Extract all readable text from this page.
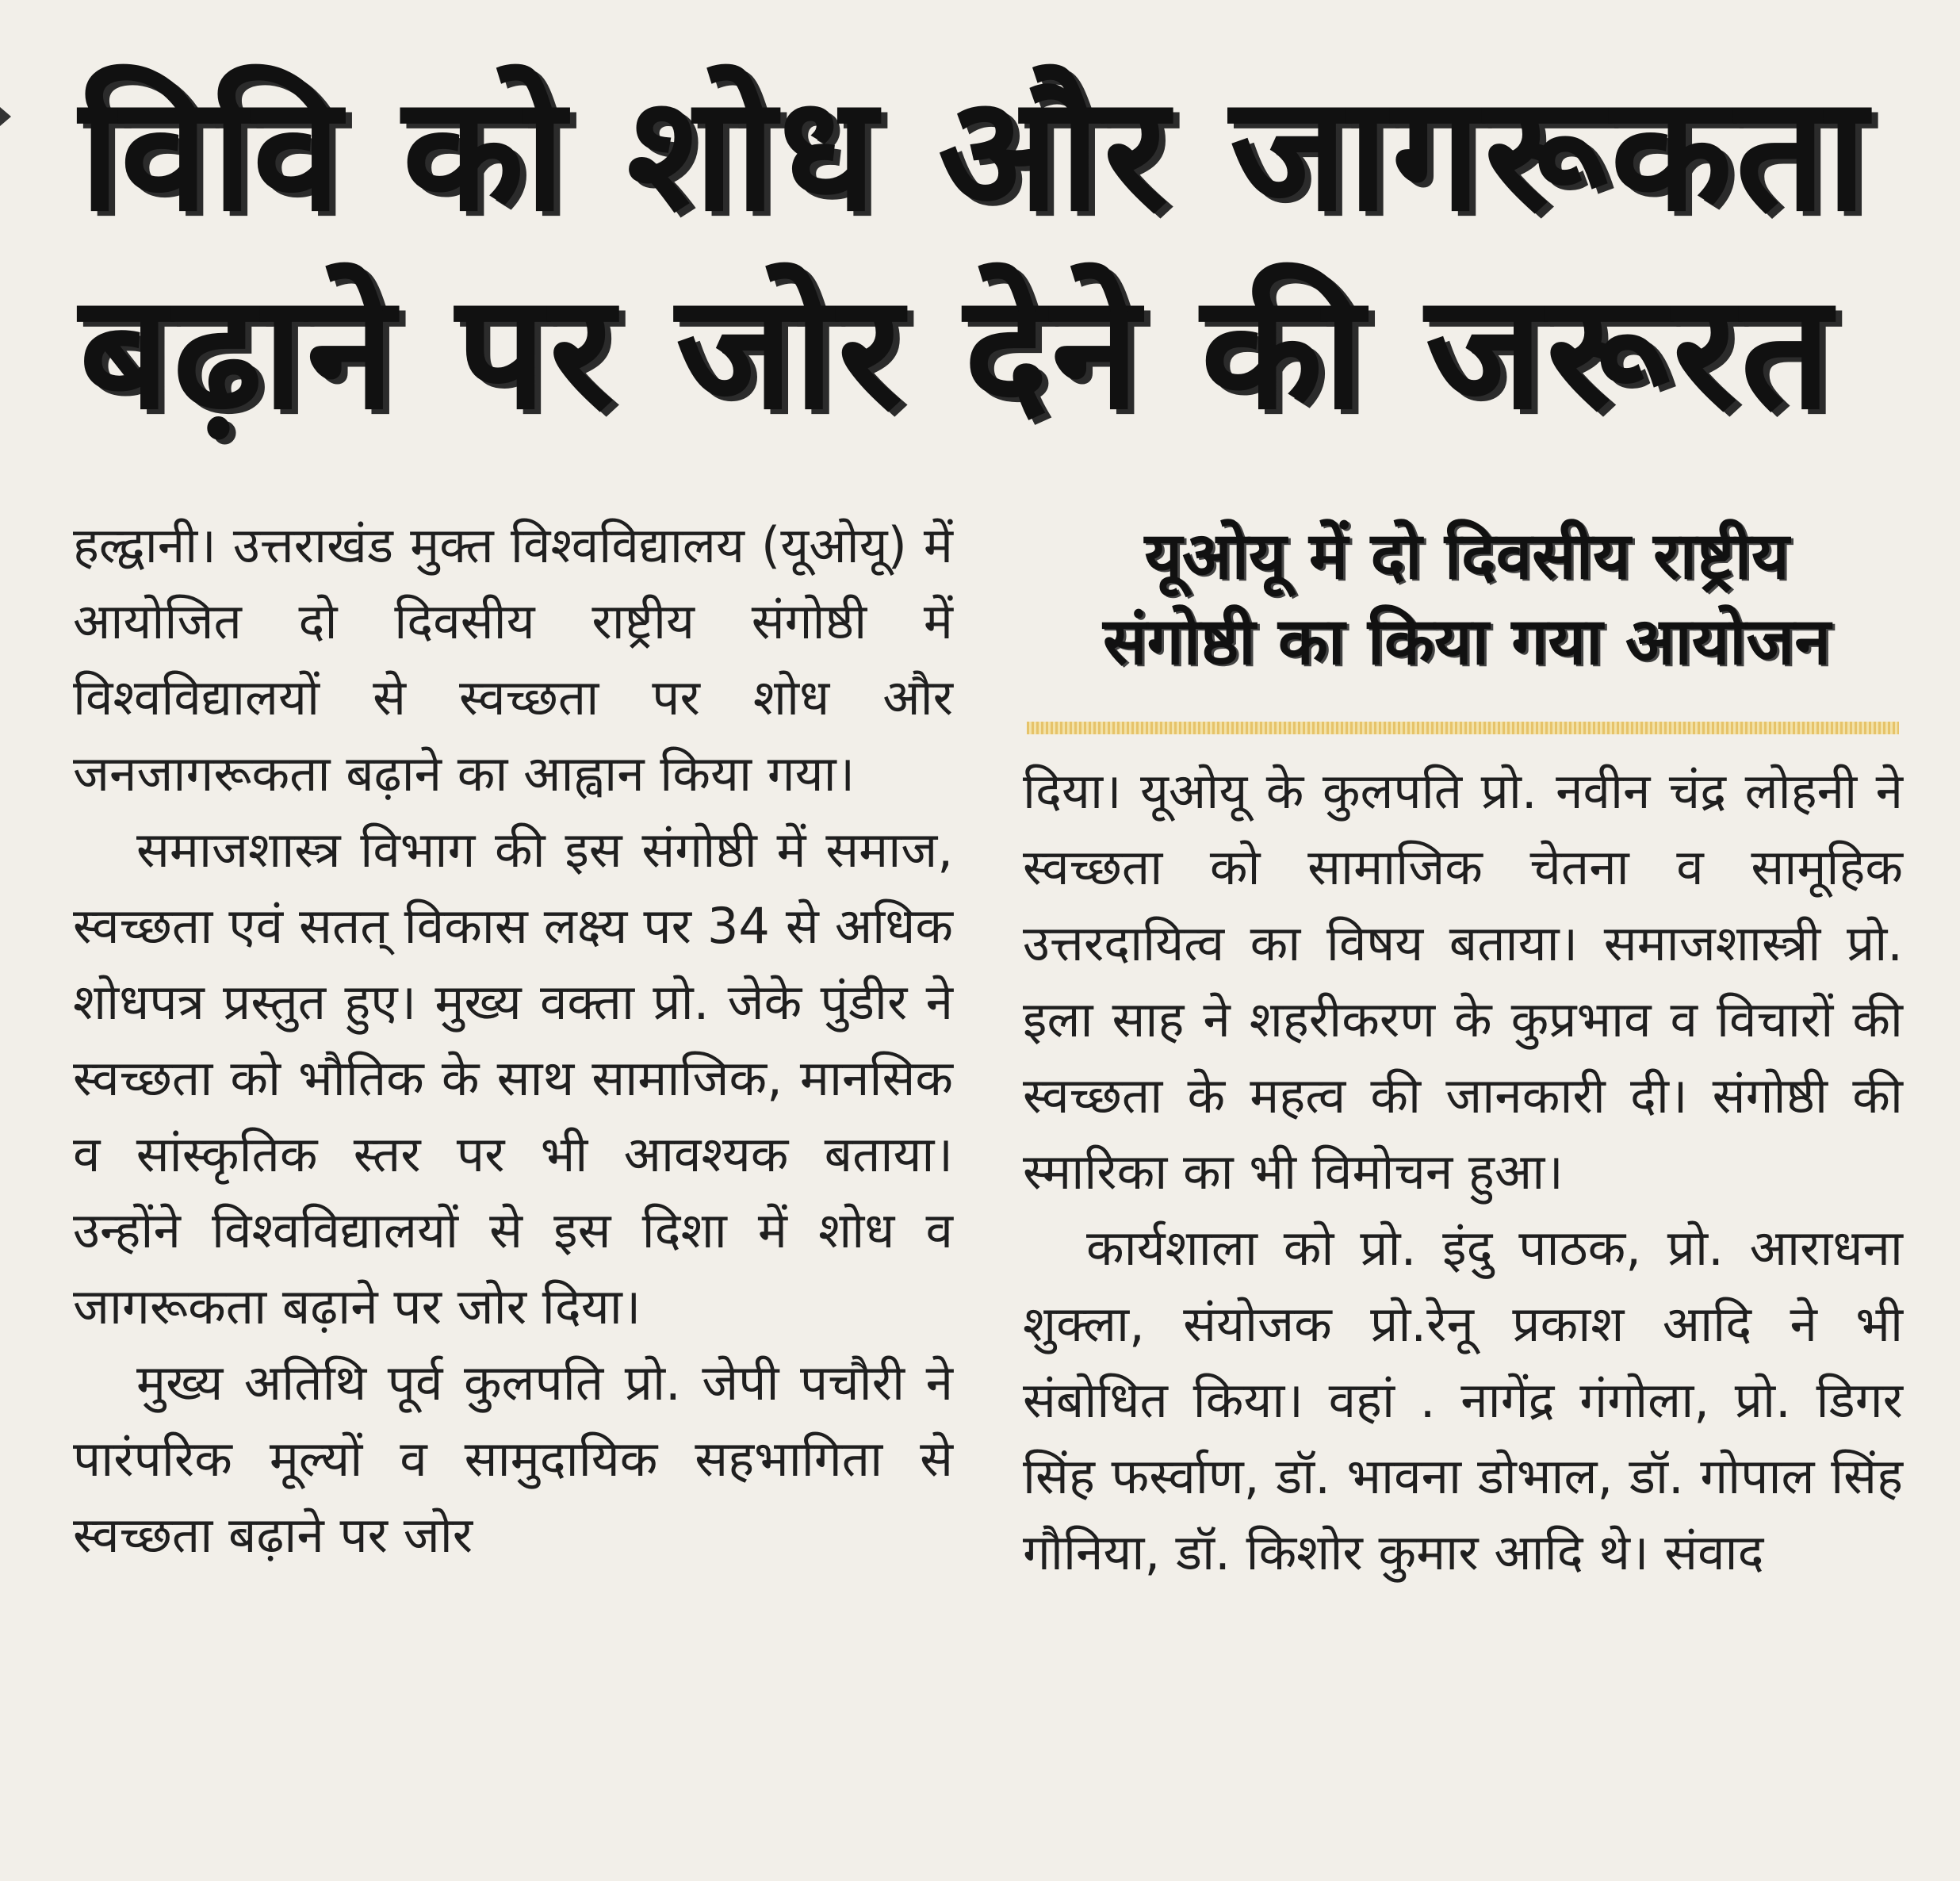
विवि को शोध और जागरूकता
बढ़ाने पर जोर देने की जरूरत

हल्द्वानी। उत्तराखंड मुक्त विश्वविद्यालय (यूओयू) में आयोजित दो दिवसीय राष्ट्रीय संगोष्ठी में विश्वविद्यालयों से स्वच्छता पर शोध और जनजागरूकता बढ़ाने का आह्वान किया गया।

समाजशास्त्र विभाग की इस संगोष्ठी में समाज, स्वच्छता एवं सतत् विकास लक्ष्य पर 34 से अधिक शोधपत्र प्रस्तुत हुए। मुख्य वक्ता प्रो. जेके पुंडीर ने स्वच्छता को भौतिक के साथ सामाजिक, मानसिक व सांस्कृतिक स्तर पर भी आवश्यक बताया। उन्होंने विश्वविद्यालयों से इस दिशा में शोध व जागरूकता बढ़ाने पर जोर दिया।

मुख्य अतिथि पूर्व कुलपति प्रो. जेपी पचौरी ने पारंपरिक मूल्यों व सामुदायिक सहभागिता से स्वच्छता बढ़ाने पर जोर

यूओयू में दो दिवसीय राष्ट्रीय
संगोष्ठी का किया गया आयोजन

दिया। यूओयू के कुलपति प्रो. नवीन चंद्र लोहनी ने स्वच्छता को सामाजिक चेतना व सामूहिक उत्तरदायित्व का विषय बताया। समाजशास्त्री प्रो. इला साह ने शहरीकरण के कुप्रभाव व विचारों की स्वच्छता के महत्व की जानकारी दी। संगोष्ठी की स्मारिका का भी विमोचन हुआ।

कार्यशाला को प्रो. इंदु पाठक, प्रो. आराधना शुक्ला, संयोजक प्रो.रेनू प्रकाश आदि ने भी संबोधित किया। वहां . नागेंद्र गंगोला, प्रो. डिगर सिंह फर्स्वाण, डॉ. भावना डोभाल, डॉ. गोपाल सिंह गौनिया, डॉ. किशोर कुमार आदि थे। संवाद
